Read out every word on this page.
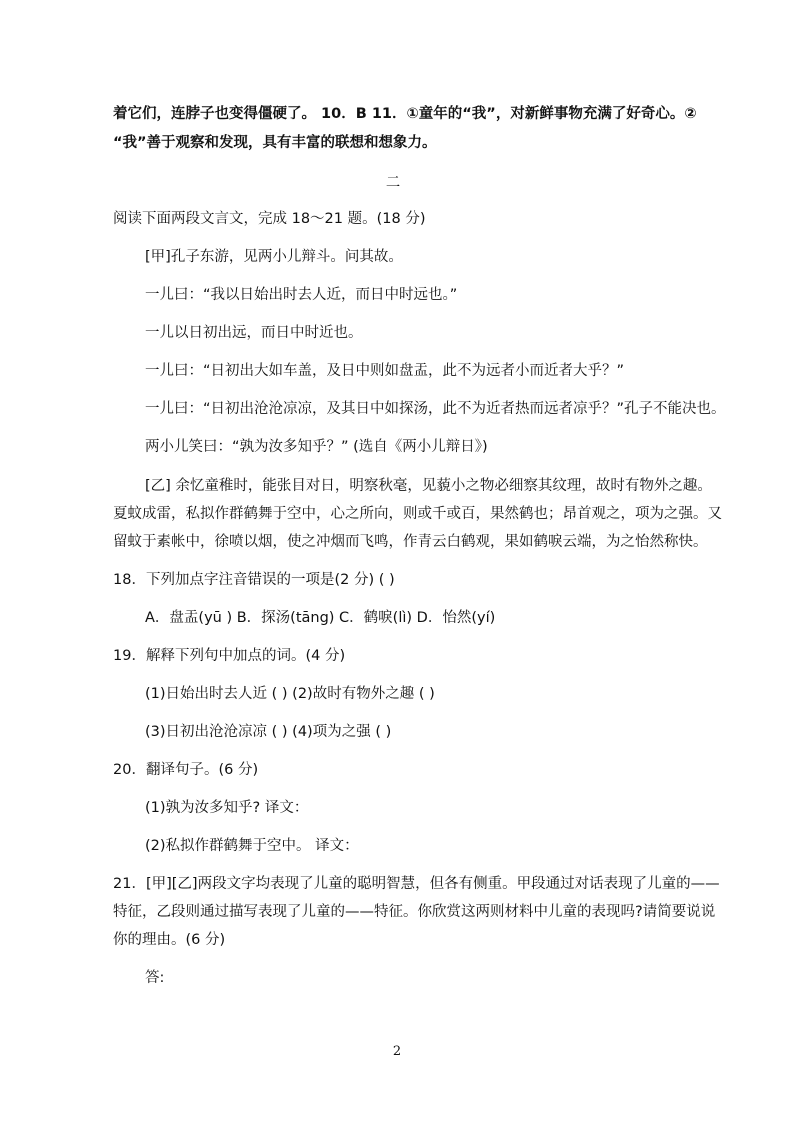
着它们，连脖子也变得僵硬了。 10．B 11．①童年的“我”，对新鲜事物充满了好奇心。②
“我”善于观察和发现，具有丰富的联想和想象力。
二
阅读下面两段文言文，完成 18～21 题。(18 分)
[甲]孔子东游，见两小儿辩斗。问其故。
一儿曰：“我以日始出时去人近，而日中时远也。”
一儿以日初出远，而日中时近也。
一儿曰：“日初出大如车盖，及日中则如盘盂，此不为远者小而近者大乎？”
一儿曰：“日初出沧沧凉凉，及其日中如探汤，此不为近者热而远者凉乎？”孔子不能决也。
两小儿笑曰：“孰为汝多知乎？” (选自《两小儿辩日》)
[乙] 余忆童稚时，能张目对日，明察秋毫，见藐小之物必细察其纹理，故时有物外之趣。
夏蚊成雷，私拟作群鹤舞于空中，心之所向，则或千或百，果然鹤也；昂首观之，项为之强。又
留蚊于素帐中，徐喷以烟，使之冲烟而飞鸣，作青云白鹤观，果如鹤唳云端，为之怡然称快。
18．下列加点字注音错误的一项是(2 分) ( )
A．盘盂(yū ) B．探汤(tāng) C．鹤唳(lì) D．怡然(yí)
19．解释下列句中加点的词。(4 分)
(1)日始出时去人近 ( ) (2)故时有物外之趣 ( )
(3)日初出沧沧凉凉 ( ) (4)项为之强 ( )
20．翻译句子。(6 分)
(1)孰为汝多知乎? 译文：
(2)私拟作群鹤舞于空中。 译文：
21．[甲][乙]两段文字均表现了儿童的聪明智慧，但各有侧重。甲段通过对话表现了儿童的——
特征，乙段则通过描写表现了儿童的——特征。你欣赏这两则材料中儿童的表现吗?请简要说说
你的理由。(6 分)
答:
2
